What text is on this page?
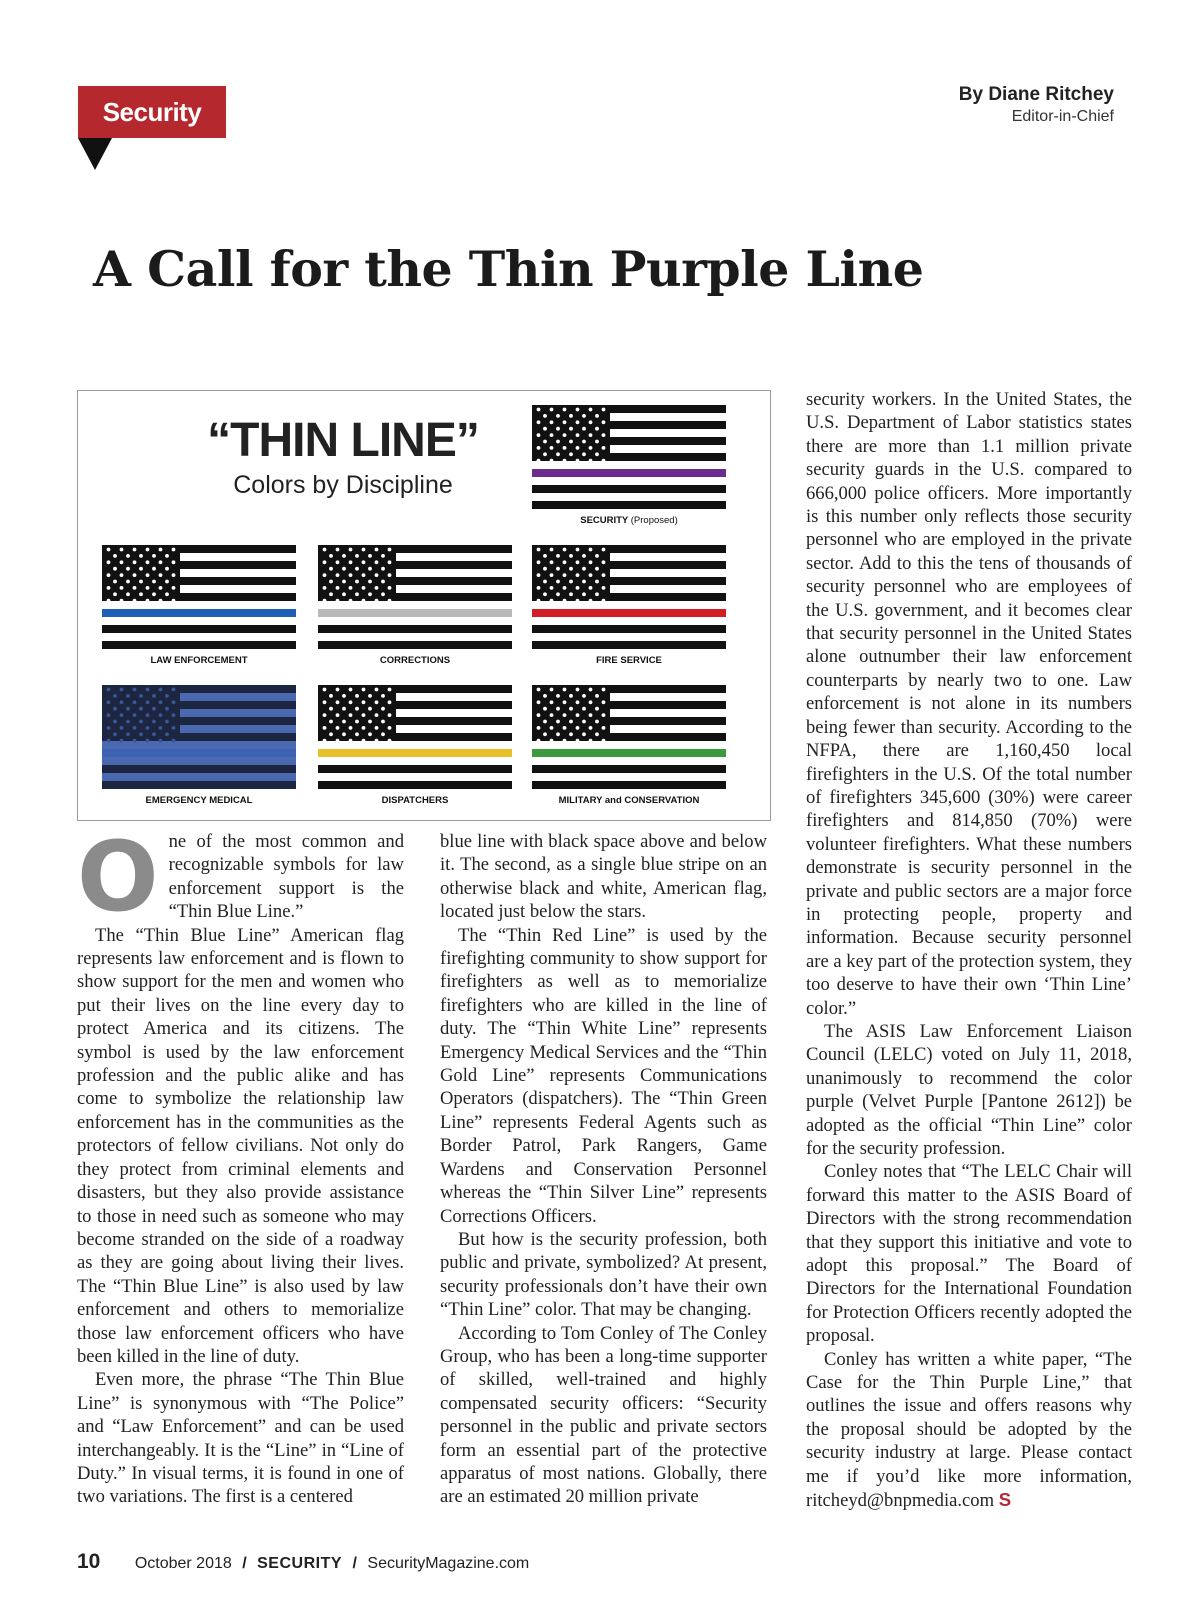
Security Talk
By Diane Ritchey
Editor-in-Chief
A Call for the Thin Purple Line
“THIN LINE”
Colors by Discipline
SECURITY (Proposed)
LAW ENFORCEMENT	CORRECTIONS	FIRE SERVICE
EMERGENCY MEDICAL	DISPATCHERS	MILITARY and CONSERVATION

One of the most common and recognizable symbols for law enforcement support is the “Thin Blue Line.”

The “Thin Blue Line” American flag represents law enforcement and is flown to show support for the men and women who put their lives on the line every day to protect America and its citizens. The symbol is used by the law enforcement profession and the public alike and has come to symbolize the relationship law enforcement has in the communities as the protectors of fellow civilians. Not only do they protect from criminal elements and disasters, but they also provide assistance to those in need such as someone who may become stranded on the side of a roadway as they are going about living their lives. The “Thin Blue Line” is also used by law enforcement and others to memorialize those law enforcement officers who have been killed in the line of duty.

Even more, the phrase “The Thin Blue Line” is synonymous with “The Police” and “Law Enforcement” and can be used interchangeably. It is the “Line” in “Line of Duty.” In visual terms, it is found in one of two variations. The first is a centered

blue line with black space above and below it. The second, as a single blue stripe on an otherwise black and white, American flag, located just below the stars.

The “Thin Red Line” is used by the firefighting community to show support for firefighters as well as to memorialize firefighters who are killed in the line of duty. The “Thin White Line” represents Emergency Medical Services and the “Thin Gold Line” represents Communications Operators (dispatchers). The “Thin Green Line” represents Federal Agents such as Border Patrol, Park Rangers, Game Wardens and Conservation Personnel whereas the “Thin Silver Line” represents Corrections Officers.

But how is the security profession, both public and private, symbolized? At present, security professionals don’t have their own “Thin Line” color. That may be changing.

According to Tom Conley of The Conley Group, who has been a long-time supporter of skilled, well-trained and highly compensated security officers: “Security personnel in the public and private sectors form an essential part of the protective apparatus of most nations. Globally, there are an estimated 20 million private

security workers. In the United States, the U.S. Department of Labor statistics states there are more than 1.1 million private security guards in the U.S. compared to 666,000 police officers. More importantly is this number only reflects those security personnel who are employed in the private sector. Add to this the tens of thousands of security personnel who are employees of the U.S. government, and it becomes clear that security personnel in the United States alone outnumber their law enforcement counterparts by nearly two to one. Law enforcement is not alone in its numbers being fewer than security. According to the NFPA, there are 1,160,450 local firefighters in the U.S. Of the total number of firefighters 345,600 (30%) were career firefighters and 814,850 (70%) were volunteer firefighters. What these numbers demonstrate is security personnel in the private and public sectors are a major force in protecting people, property and information. Because security personnel are a key part of the protection system, they too deserve to have their own ‘Thin Line’ color.”

The ASIS Law Enforcement Liaison Council (LELC) voted on July 11, 2018, unanimously to recommend the color purple (Velvet Purple [Pantone 2612]) be adopted as the official “Thin Line” color for the security profession.

Conley notes that “The LELC Chair will forward this matter to the ASIS Board of Directors with the strong recommendation that they support this initiative and vote to adopt this proposal.” The Board of Directors for the International Foundation for Protection Officers recently adopted the proposal.

Conley has written a white paper, “The Case for the Thin Purple Line,” that outlines the issue and offers reasons why the proposal should be adopted by the security industry at large. Please contact me if you’d like more information, ritcheyd@bnpmedia.com S

10 October 2018 / SECURITY / SecurityMagazine.com
